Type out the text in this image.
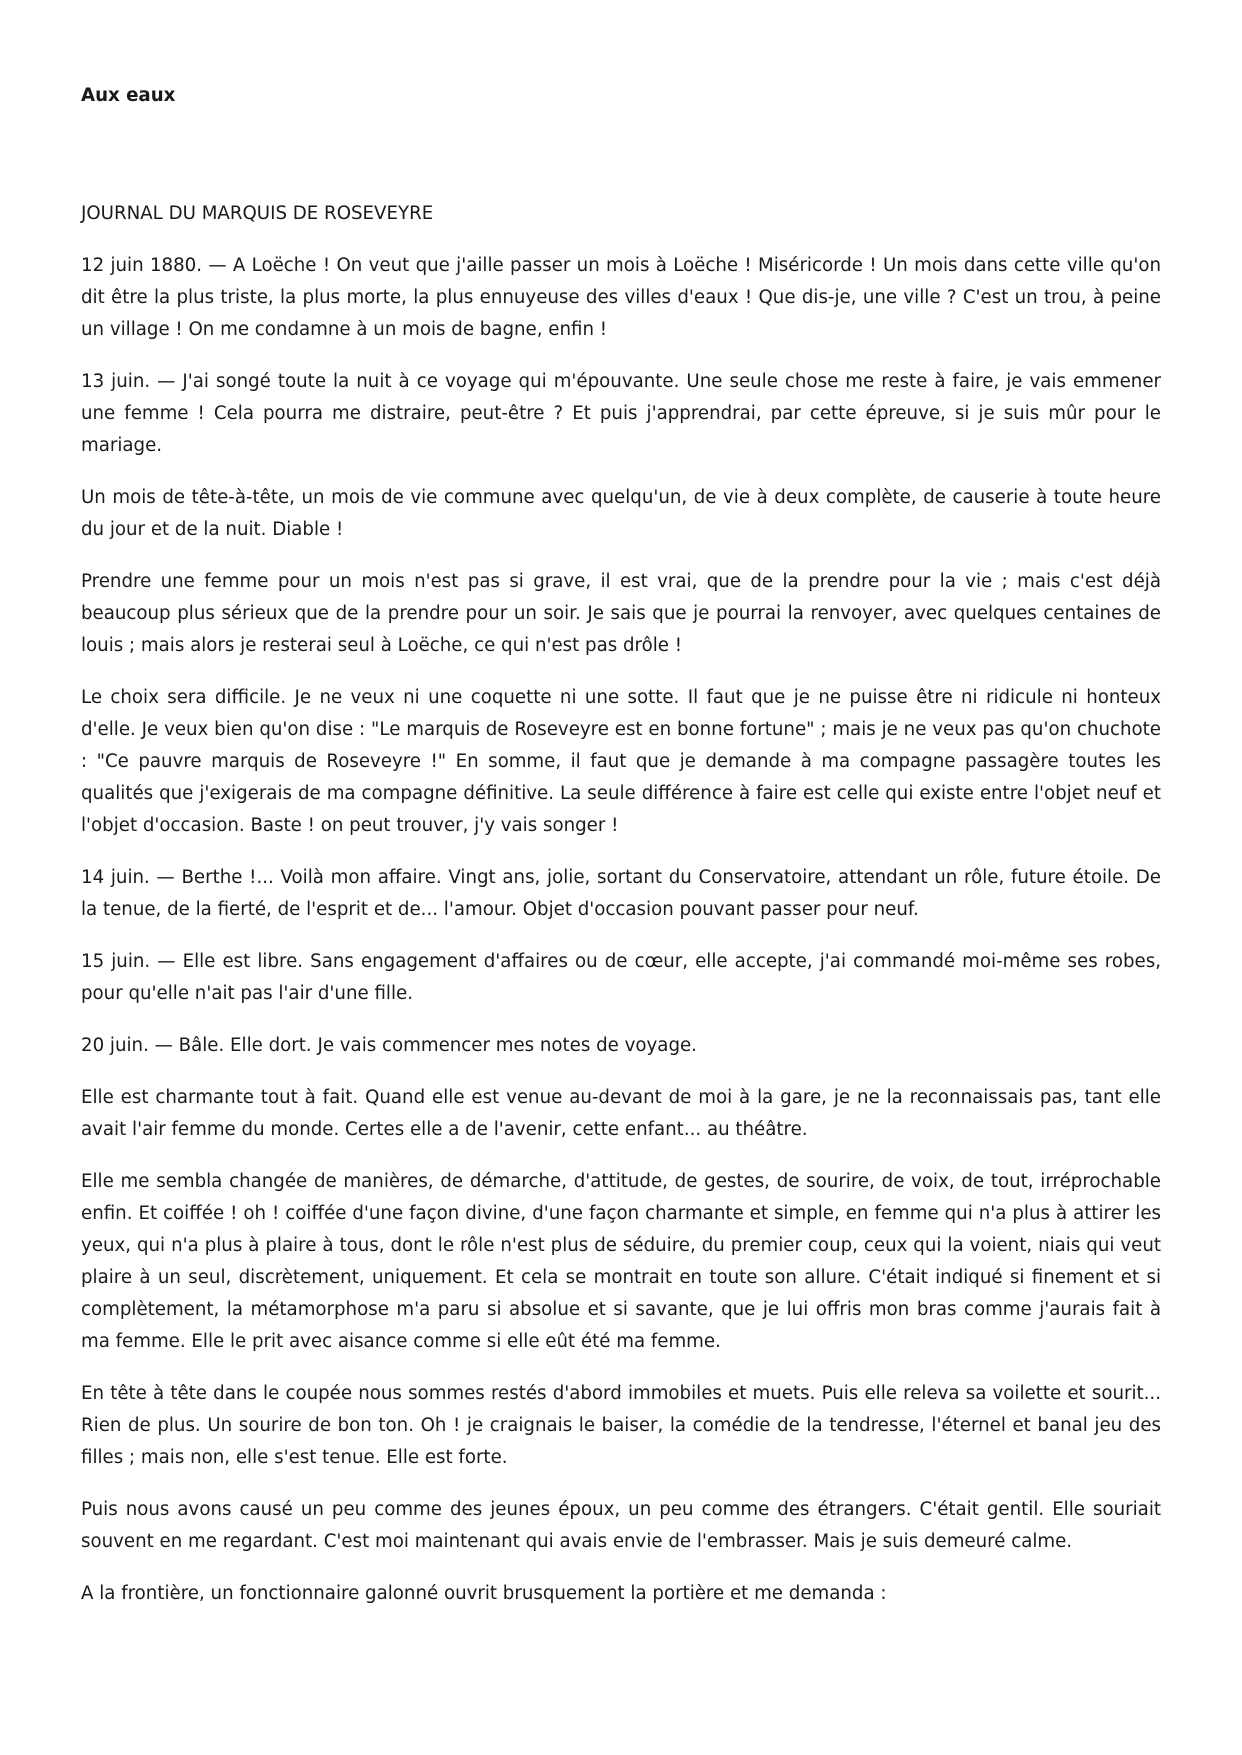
Aux eaux
JOURNAL DU MARQUIS DE ROSEVEYRE

12 juin 1880. — A Loëche ! On veut que j'aille passer un mois à Loëche ! Miséricorde ! Un mois dans cette ville qu'on dit être la plus triste, la plus morte, la plus ennuyeuse des villes d'eaux ! Que dis-je, une ville ? C'est un trou, à peine un village ! On me condamne à un mois de bagne, enfin !

13 juin. — J'ai songé toute la nuit à ce voyage qui m'épouvante. Une seule chose me reste à faire, je vais emmener une femme ! Cela pourra me distraire, peut-être ? Et puis j'apprendrai, par cette épreuve, si je suis mûr pour le mariage.

Un mois de tête-à-tête, un mois de vie commune avec quelqu'un, de vie à deux complète, de causerie à toute heure du jour et de la nuit. Diable !

Prendre une femme pour un mois n'est pas si grave, il est vrai, que de la prendre pour la vie ; mais c'est déjà beaucoup plus sérieux que de la prendre pour un soir. Je sais que je pourrai la renvoyer, avec quelques centaines de louis ; mais alors je resterai seul à Loëche, ce qui n'est pas drôle !

Le choix sera difficile. Je ne veux ni une coquette ni une sotte. Il faut que je ne puisse être ni ridicule ni honteux d'elle. Je veux bien qu'on dise : "Le marquis de Roseveyre est en bonne fortune" ; mais je ne veux pas qu'on chuchote : "Ce pauvre marquis de Roseveyre !" En somme, il faut que je demande à ma compagne passagère toutes les qualités que j'exigerais de ma compagne définitive. La seule différence à faire est celle qui existe entre l'objet neuf et l'objet d'occasion. Baste ! on peut trouver, j'y vais songer !

14 juin. — Berthe !... Voilà mon affaire. Vingt ans, jolie, sortant du Conservatoire, attendant un rôle, future étoile. De la tenue, de la fierté, de l'esprit et de... l'amour. Objet d'occasion pouvant passer pour neuf.

15 juin. — Elle est libre. Sans engagement d'affaires ou de cœur, elle accepte, j'ai commandé moi-même ses robes, pour qu'elle n'ait pas l'air d'une fille.

20 juin. — Bâle. Elle dort. Je vais commencer mes notes de voyage.

Elle est charmante tout à fait. Quand elle est venue au-devant de moi à la gare, je ne la reconnaissais pas, tant elle avait l'air femme du monde. Certes elle a de l'avenir, cette enfant... au théâtre.

Elle me sembla changée de manières, de démarche, d'attitude, de gestes, de sourire, de voix, de tout, irréprochable enfin. Et coiffée ! oh ! coiffée d'une façon divine, d'une façon charmante et simple, en femme qui n'a plus à attirer les yeux, qui n'a plus à plaire à tous, dont le rôle n'est plus de séduire, du premier coup, ceux qui la voient, niais qui veut plaire à un seul, discrètement, uniquement. Et cela se montrait en toute son allure. C'était indiqué si finement et si complètement, la métamorphose m'a paru si absolue et si savante, que je lui offris mon bras comme j'aurais fait à ma femme. Elle le prit avec aisance comme si elle eût été ma femme.

En tête à tête dans le coupée nous sommes restés d'abord immobiles et muets. Puis elle releva sa voilette et sourit... Rien de plus. Un sourire de bon ton. Oh ! je craignais le baiser, la comédie de la tendresse, l'éternel et banal jeu des filles ; mais non, elle s'est tenue. Elle est forte.

Puis nous avons causé un peu comme des jeunes époux, un peu comme des étrangers. C'était gentil. Elle souriait souvent en me regardant. C'est moi maintenant qui avais envie de l'embrasser. Mais je suis demeuré calme.

A la frontière, un fonctionnaire galonné ouvrit brusquement la portière et me demanda :
